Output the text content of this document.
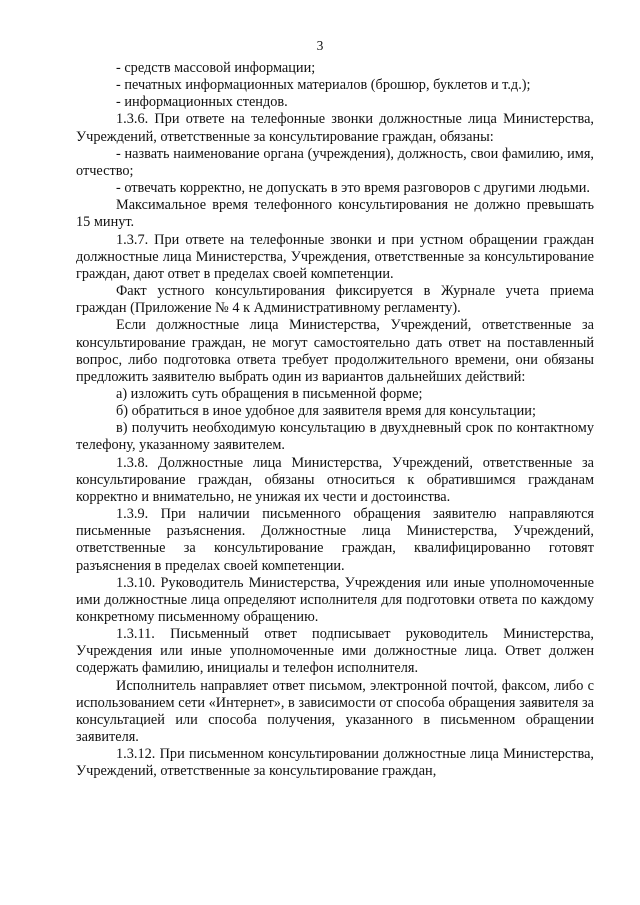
3

- средств массовой информации;

- печатных информационных материалов (брошюр, буклетов и т.д.);

- информационных стендов.

1.3.6. При ответе на телефонные звонки должностные лица Министерства, Учреждений, ответственные за консультирование граждан, обязаны:

- назвать наименование органа (учреждения), должность, свои фамилию, имя, отчество;

- отвечать корректно, не допускать в это время разговоров с другими людьми.

Максимальное время телефонного консультирования не должно превышать 15 минут.

1.3.7. При ответе на телефонные звонки и при устном обращении граждан должностные лица Министерства, Учреждения, ответственные за консультирование граждан, дают ответ в пределах своей компетенции.

Факт устного консультирования фиксируется в Журнале учета приема граждан (Приложение № 4 к Административному регламенту).

Если должностные лица Министерства, Учреждений, ответственные за консультирование граждан, не могут самостоятельно дать ответ на поставленный вопрос, либо подготовка ответа требует продолжительного времени, они обязаны предложить заявителю выбрать один из вариантов дальнейших действий:

а) изложить суть обращения в письменной форме;

б) обратиться в иное удобное для заявителя время для консультации;

в) получить необходимую консультацию в двухдневный срок по контактному телефону, указанному заявителем.

1.3.8. Должностные лица Министерства, Учреждений, ответственные за консультирование граждан, обязаны относиться к обратившимся гражданам корректно и внимательно, не унижая их чести и достоинства.

1.3.9. При наличии письменного обращения заявителю направляются письменные разъяснения. Должностные лица Министерства, Учреждений, ответственные за консультирование граждан, квалифицированно готовят разъяснения в пределах своей компетенции.

1.3.10. Руководитель Министерства, Учреждения или иные уполномоченные ими должностные лица определяют исполнителя для подготовки ответа по каждому конкретному письменному обращению.

1.3.11. Письменный ответ подписывает руководитель Министерства, Учреждения или иные уполномоченные ими должностные лица. Ответ должен содержать фамилию, инициалы и телефон исполнителя.

Исполнитель направляет ответ письмом, электронной почтой, факсом, либо с использованием сети «Интернет», в зависимости от способа обращения заявителя за консультацией или способа получения, указанного в письменном обращении заявителя.

1.3.12. При письменном консультировании должностные лица Министерства, Учреждений, ответственные за консультирование граждан,
